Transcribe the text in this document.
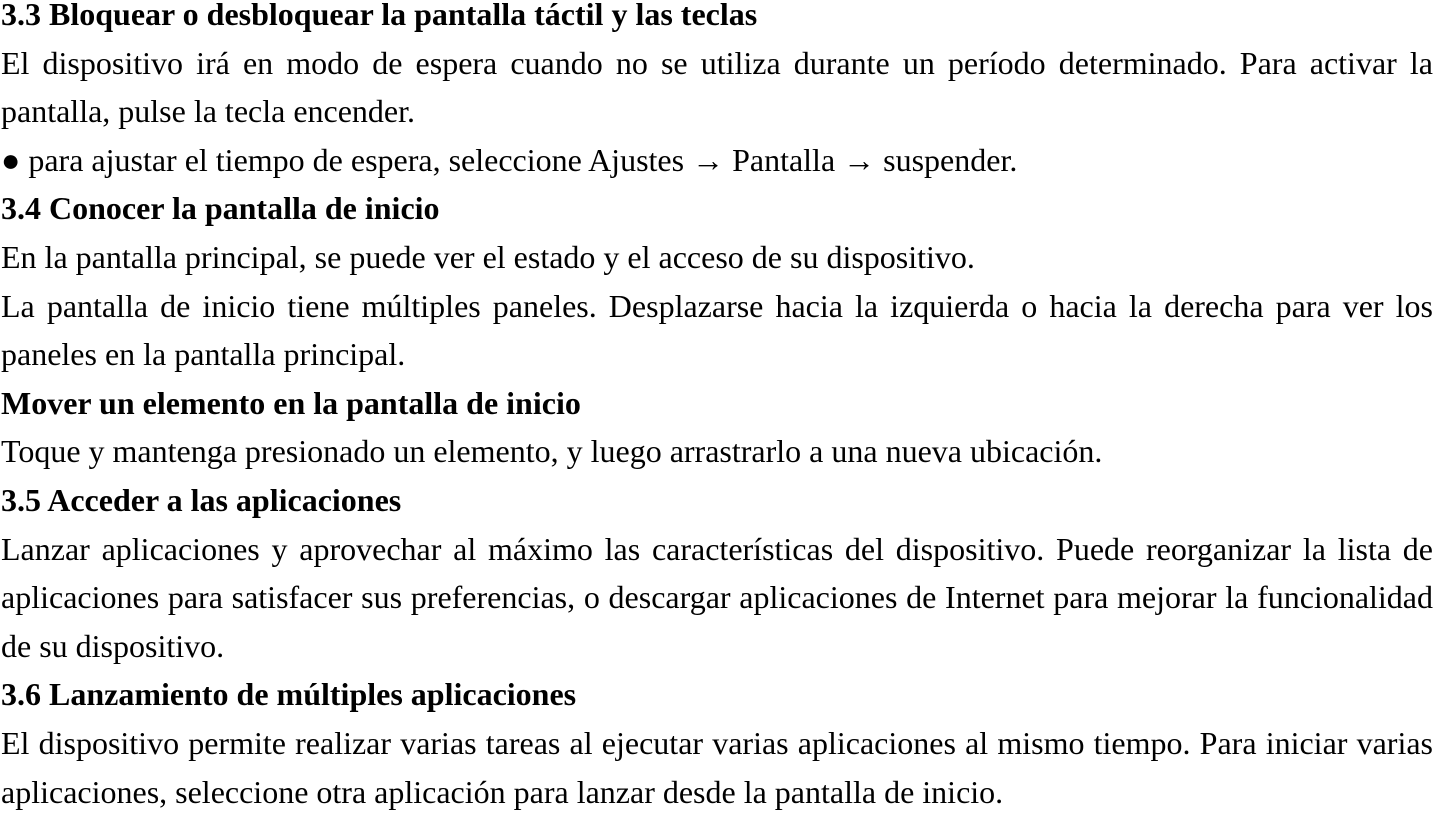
3.3 Bloquear o desbloquear la pantalla táctil y las teclas

El dispositivo irá en modo de espera cuando no se utiliza durante un período determinado. Para activar la pantalla, pulse la tecla encender.

● para ajustar el tiempo de espera, seleccione Ajustes → Pantalla → suspender.

3.4 Conocer la pantalla de inicio

En la pantalla principal, se puede ver el estado y el acceso de su dispositivo.

La pantalla de inicio tiene múltiples paneles. Desplazarse hacia la izquierda o hacia la derecha para ver los paneles en la pantalla principal.

Mover un elemento en la pantalla de inicio

Toque y mantenga presionado un elemento, y luego arrastrarlo a una nueva ubicación.

3.5 Acceder a las aplicaciones

Lanzar aplicaciones y aprovechar al máximo las características del dispositivo. Puede reorganizar la lista de aplicaciones para satisfacer sus preferencias, o descargar aplicaciones de Internet para mejorar la funcionalidad de su dispositivo.

3.6 Lanzamiento de múltiples aplicaciones

El dispositivo permite realizar varias tareas al ejecutar varias aplicaciones al mismo tiempo. Para iniciar varias aplicaciones, seleccione otra aplicación para lanzar desde la pantalla de inicio.
